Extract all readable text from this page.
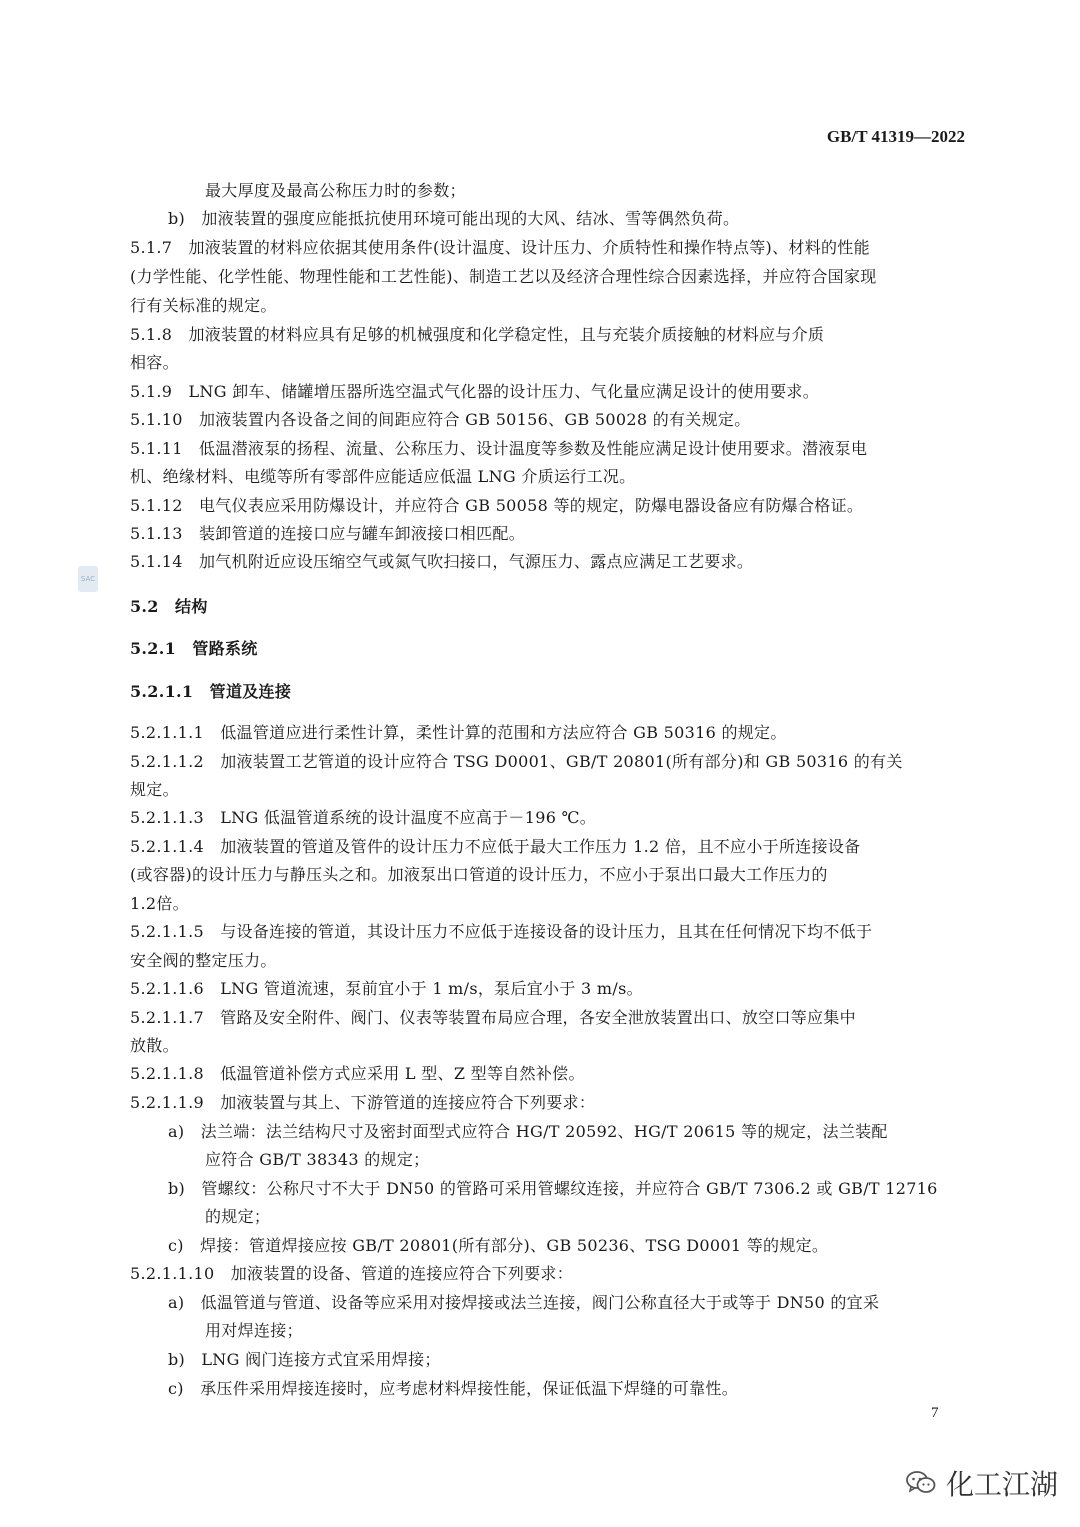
GB/T 41319—2022
最大厚度及最高公称压力时的参数；
b)　加液装置的强度应能抵抗使用环境可能出现的大风、结冰、雪等偶然负荷。
5.1.7　加液装置的材料应依据其使用条件(设计温度、设计压力、介质特性和操作特点等)、材料的性能
(力学性能、化学性能、物理性能和工艺性能)、制造工艺以及经济合理性综合因素选择，并应符合国家现
行有关标准的规定。
5.1.8　加液装置的材料应具有足够的机械强度和化学稳定性，且与充装介质接触的材料应与介质
相容。
5.1.9　LNG 卸车、储罐增压器所选空温式气化器的设计压力、气化量应满足设计的使用要求。
5.1.10　加液装置内各设备之间的间距应符合 GB 50156、GB 50028 的有关规定。
5.1.11　低温潜液泵的扬程、流量、公称压力、设计温度等参数及性能应满足设计使用要求。潜液泵电
机、绝缘材料、电缆等所有零部件应能适应低温 LNG 介质运行工况。
5.1.12　电气仪表应采用防爆设计，并应符合 GB 50058 等的规定，防爆电器设备应有防爆合格证。
5.1.13　装卸管道的连接口应与罐车卸液接口相匹配。
5.1.14　加气机附近应设压缩空气或氮气吹扫接口，气源压力、露点应满足工艺要求。
5.2　结构
5.2.1　管路系统
5.2.1.1　管道及连接
5.2.1.1.1　低温管道应进行柔性计算，柔性计算的范围和方法应符合 GB 50316 的规定。
5.2.1.1.2　加液装置工艺管道的设计应符合 TSG D0001、GB/T 20801(所有部分)和 GB 50316 的有关
规定。
5.2.1.1.3　LNG 低温管道系统的设计温度不应高于－196 ℃。
5.2.1.1.4　加液装置的管道及管件的设计压力不应低于最大工作压力 1.2 倍，且不应小于所连接设备
(或容器)的设计压力与静压头之和。加液泵出口管道的设计压力，不应小于泵出口最大工作压力的
1.2倍。
5.2.1.1.5　与设备连接的管道，其设计压力不应低于连接设备的设计压力，且其在任何情况下均不低于
安全阀的整定压力。
5.2.1.1.6　LNG 管道流速，泵前宜小于 1 m/s，泵后宜小于 3 m/s。
5.2.1.1.7　管路及安全附件、阀门、仪表等装置布局应合理，各安全泄放装置出口、放空口等应集中
放散。
5.2.1.1.8　低温管道补偿方式应采用 L 型、Z 型等自然补偿。
5.2.1.1.9　加液装置与其上、下游管道的连接应符合下列要求：
a)　法兰端：法兰结构尺寸及密封面型式应符合 HG/T 20592、HG/T 20615 等的规定，法兰装配
应符合 GB/T 38343 的规定；
b)　管螺纹：公称尺寸不大于 DN50 的管路可采用管螺纹连接，并应符合 GB/T 7306.2 或 GB/T 12716
的规定；
c)　焊接：管道焊接应按 GB/T 20801(所有部分)、GB 50236、TSG D0001 等的规定。
5.2.1.1.10　加液装置的设备、管道的连接应符合下列要求：
a)　低温管道与管道、设备等应采用对接焊接或法兰连接，阀门公称直径大于或等于 DN50 的宜采
用对焊连接；
b)　LNG 阀门连接方式宜采用焊接；
c)　承压件采用焊接连接时，应考虑材料焊接性能，保证低温下焊缝的可靠性。
SAC
7
化工江湖
